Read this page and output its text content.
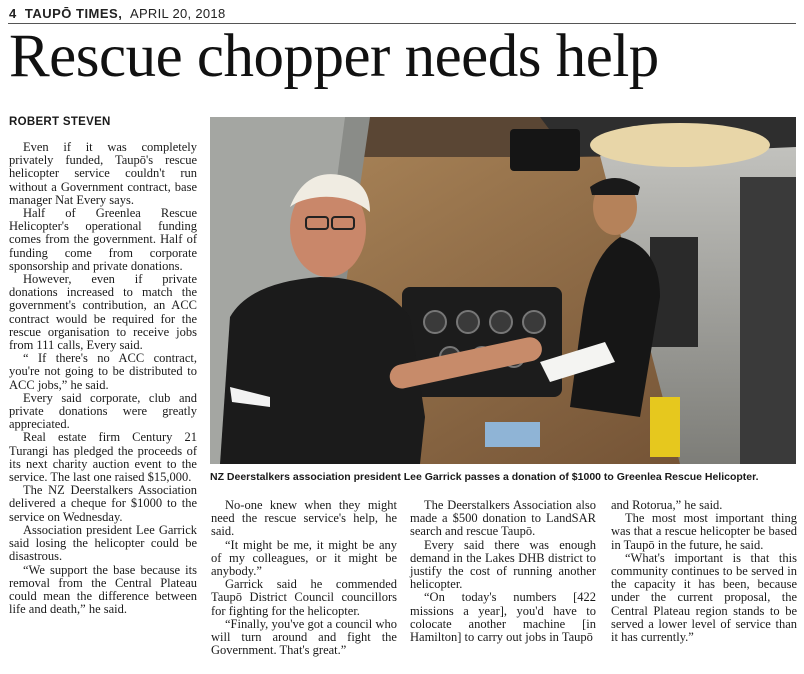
4 TAUPŌ TIMES, APRIL 20, 2018
Rescue chopper needs help
ROBERT STEVEN

Even if it was completely privately funded, Taupō's rescue helicopter service couldn't run without a Government contract, base manager Nat Every says.

Half of Greenlea Rescue Helicopter's operational funding comes from the government. Half of funding come from corporate sponsorship and private donations.

However, even if private donations increased to match the government's contribution, an ACC contract would be required for the rescue organisation to receive jobs from 111 calls, Every said.

“ If there's no ACC contract, you're not going to be distributed to ACC jobs,” he said.

Every said corporate, club and private donations were greatly appreciated.

Real estate firm Century 21 Turangi has pledged the proceeds of its next charity auction event to the service. The last one raised $15,000.

The NZ Deerstalkers Association delivered a cheque for $1000 to the service on Wednesday.

Association president Lee Garrick said losing the helicopter could be disastrous.

“We support the base because its removal from the Central Plateau could mean the difference between life and death,” he said.

NZ Deerstalkers association president Lee Garrick passes a donation of $1000 to Greenlea Rescue Helicopter.

No-one knew when they might need the rescue service's help, he said.

“It might be me, it might be any of my colleagues, or it might be anybody.”

Garrick said he commended Taupō District Council councillors for fighting for the helicopter.

“Finally, you've got a council who will turn around and fight the Government. That's great.”

The Deerstalkers Association also made a $500 donation to LandSAR search and rescue Taupō.

Every said there was enough demand in the Lakes DHB district to justify the cost of running another helicopter.

“On today's numbers [422 missions a year], you'd have to colocate another machine [in Hamilton] to carry out jobs in Taupō

and Rotorua,” he said.

The most most important thing was that a rescue helicopter be based in Taupō in the future, he said.

“What's important is that this community continues to be served in the capacity it has been, because under the current proposal, the Central Plateau region stands to be served a lower level of service than it has currently.”
